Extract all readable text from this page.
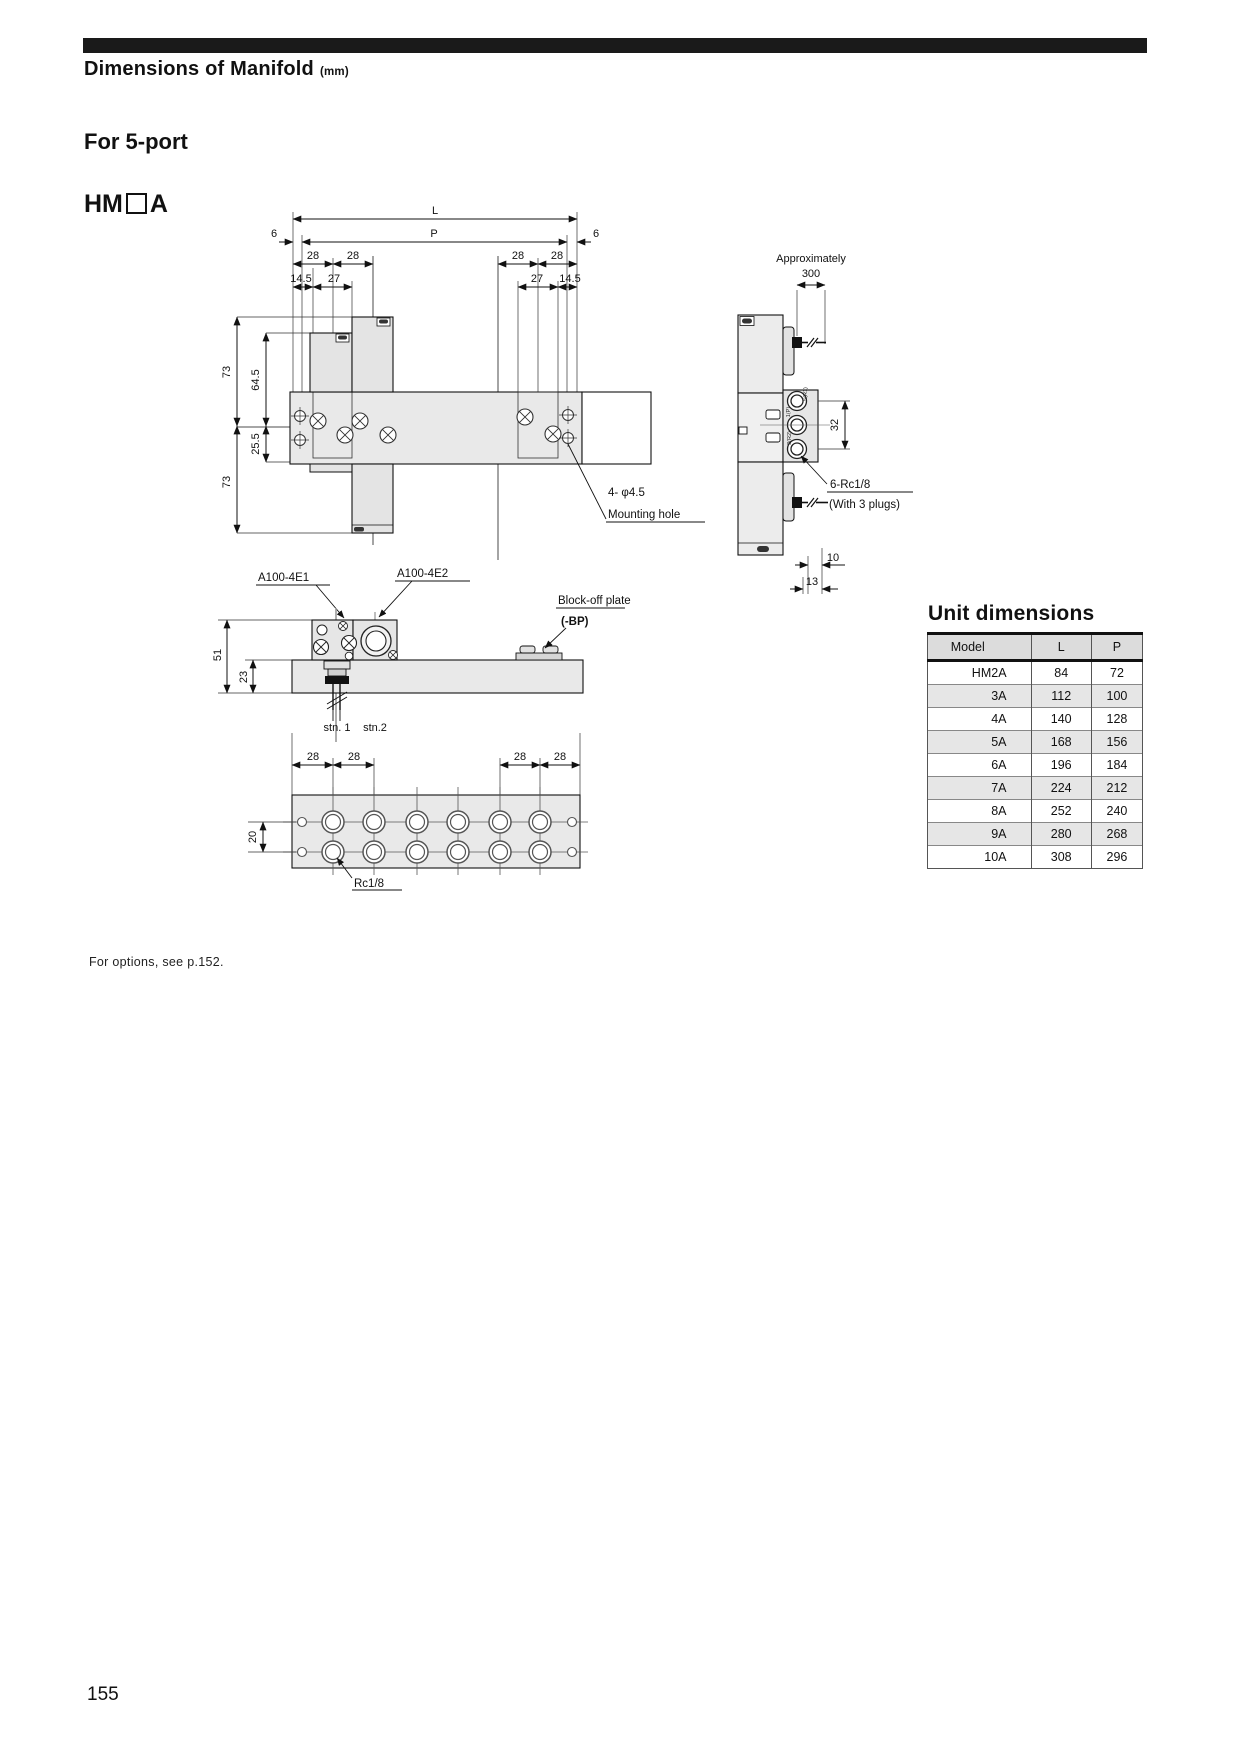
Dimensions of Manifold (mm)
For 5-port
HM A	L
P
6	6
28	28	28 28
14.5 27	27 14.5
73
73
64.5
25.5
4- φ4.5
Mounting hole
Approximately
300
5(R1)
1(P)
3(R2)
32
6-Rc1/8
(With 3 plugs)
10
13
A100-4E1	A100-4E2
51
23
Block-off plate
(-BP)
stn. 1 stn.2
28	28	28	28
20
Rc1/8
Unit dimensions
Model	L	P
HM2A	84	72
3A	112	100
4A	140	128
5A	168	156
6A	196	184
7A	224	212
8A	252	240
9A	280	268
10A	308	296
For options, see p.152.
155
